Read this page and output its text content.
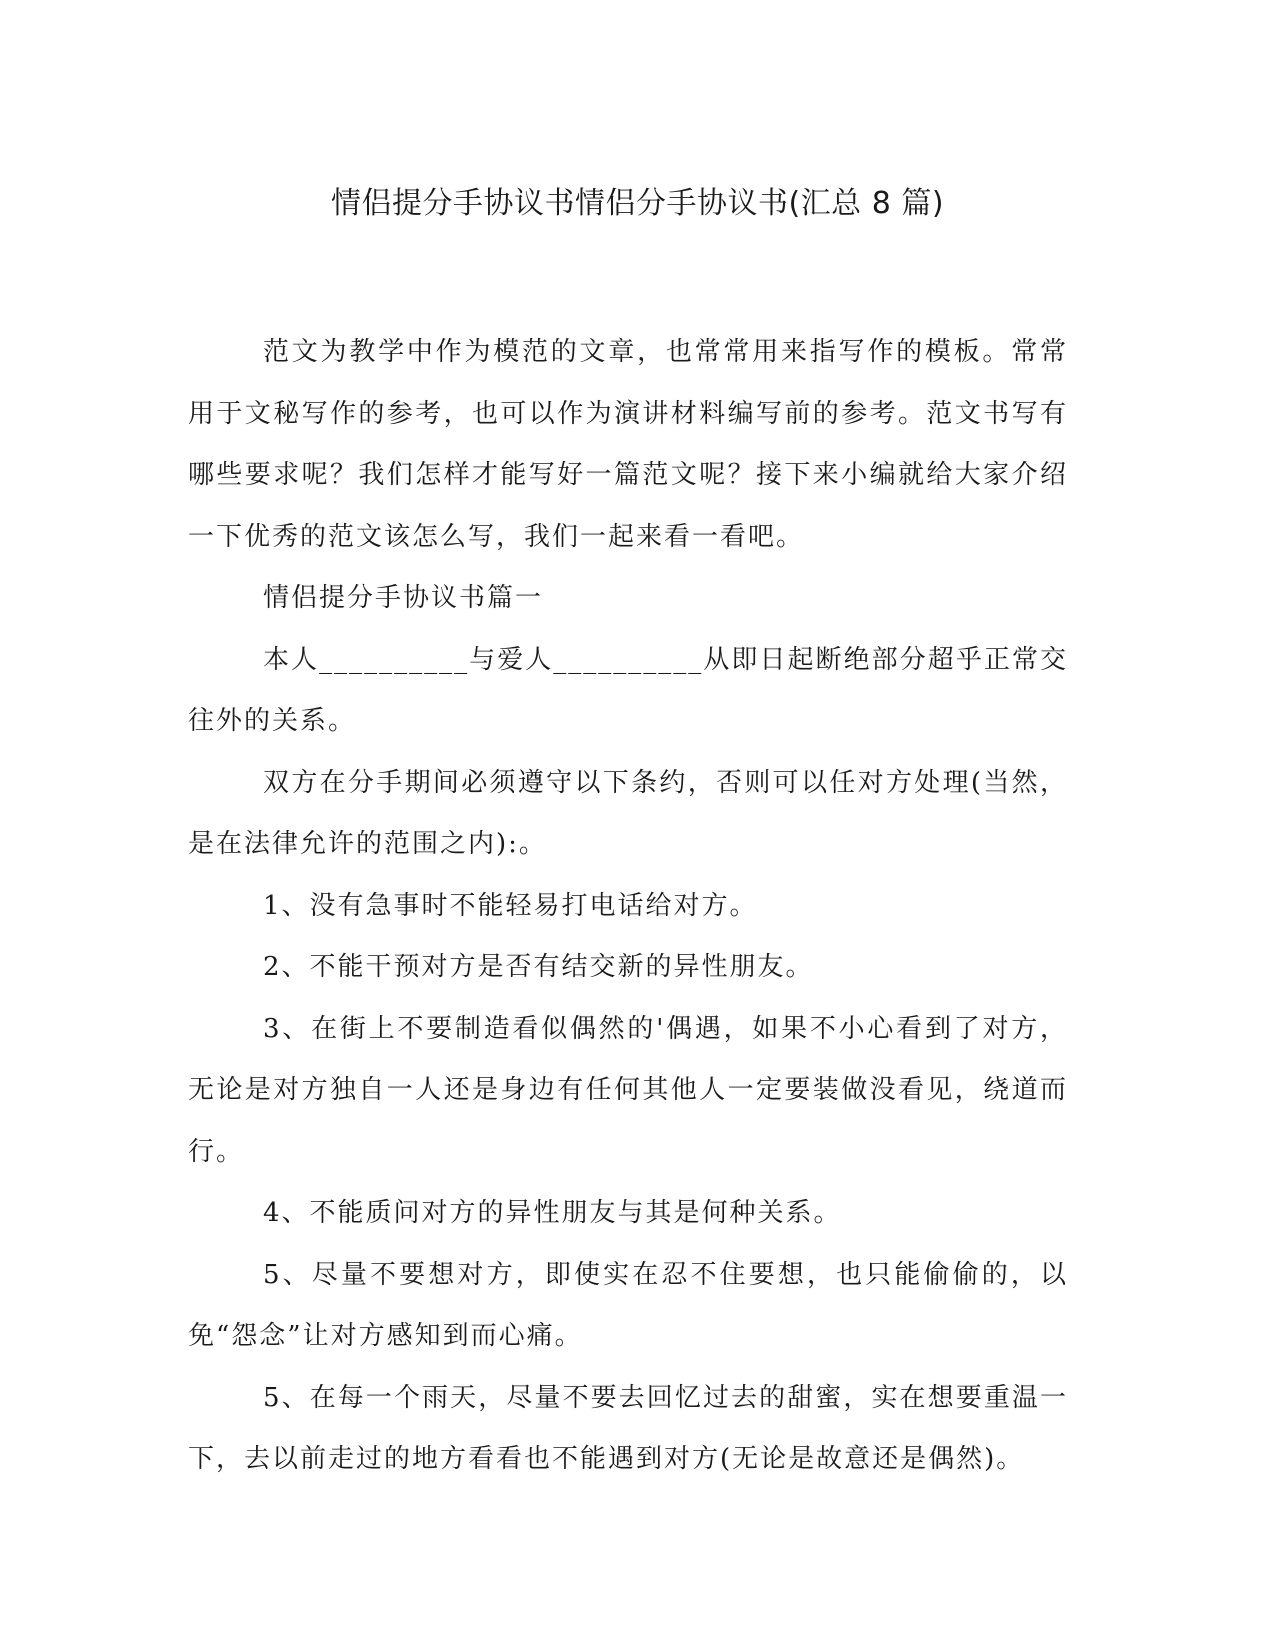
情侣提分手协议书情侣分手协议书(汇总 8 篇)

范文为教学中作为模范的文章，也常常用来指写作的模板。常常用于文秘写作的参考，也可以作为演讲材料编写前的参考。范文书写有哪些要求呢？我们怎样才能写好一篇范文呢？接下来小编就给大家介绍一下优秀的范文该怎么写，我们一起来看一看吧。

情侣提分手协议书篇一

本人__________与爱人__________从即日起断绝部分超乎正常交往外的关系。

双方在分手期间必须遵守以下条约，否则可以任对方处理(当然，是在法律允许的范围之内):。

1、没有急事时不能轻易打电话给对方。

2、不能干预对方是否有结交新的异性朋友。

3、在街上不要制造看似偶然的'偶遇，如果不小心看到了对方，无论是对方独自一人还是身边有任何其他人一定要装做没看见，绕道而行。

4、不能质问对方的异性朋友与其是何种关系。

5、尽量不要想对方，即使实在忍不住要想，也只能偷偷的，以免“怨念”让对方感知到而心痛。

5、在每一个雨天，尽量不要去回忆过去的甜蜜，实在想要重温一下，去以前走过的地方看看也不能遇到对方(无论是故意还是偶然)。
